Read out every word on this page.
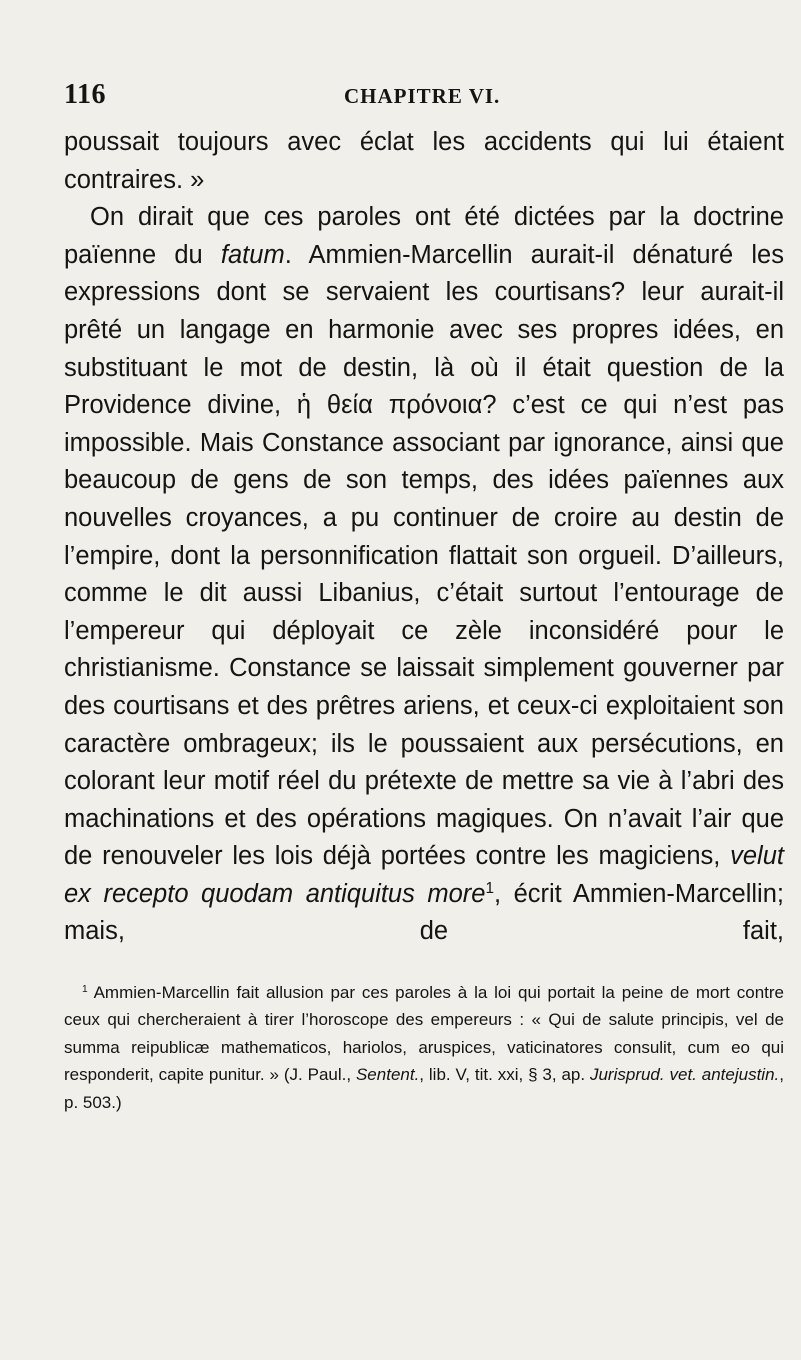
116	CHAPITRE VI.

poussait toujours avec éclat les accidents qui lui étaient contraires. »

On dirait que ces paroles ont été dictées par la doctrine païenne du fatum. Ammien-Marcellin aurait-il dénaturé les expressions dont se servaient les courtisans? leur aurait-il prêté un langage en harmonie avec ses propres idées, en substituant le mot de destin, là où il était question de la Providence divine, ἡ θεία πρόνοια? c’est ce qui n’est pas impossible. Mais Constance associant par ignorance, ainsi que beaucoup de gens de son temps, des idées païennes aux nouvelles croyances, a pu continuer de croire au destin de l’empire, dont la personnification flattait son orgueil. D’ailleurs, comme le dit aussi Libanius, c’était surtout l’entourage de l’empereur qui déployait ce zèle inconsidéré pour le christianisme. Constance se laissait simplement gouverner par des courtisans et des prêtres ariens, et ceux-ci exploitaient son caractère ombrageux; ils le poussaient aux persécutions, en colorant leur motif réel du prétexte de mettre sa vie à l’abri des machinations et des opérations magiques. On n’avait l’air que de renouveler les lois déjà portées contre les magiciens, velut ex recepto quodam antiquitus more$^1$, écrit Ammien-Marcellin; mais, de fait,

$^1$ Ammien-Marcellin fait allusion par ces paroles à la loi qui portait la peine de mort contre ceux qui chercheraient à tirer l’horoscope des empereurs : « Qui de salute principis, vel de summa reipublicæ mathematicos, hariolos, aruspices, vaticinatores consulit, cum eo qui responderit, capite punitur. » (J. Paul., Sentent., lib. V, tit. xxi, § 3, ap. Jurisprud. vet. antejustin., p. 503.)
